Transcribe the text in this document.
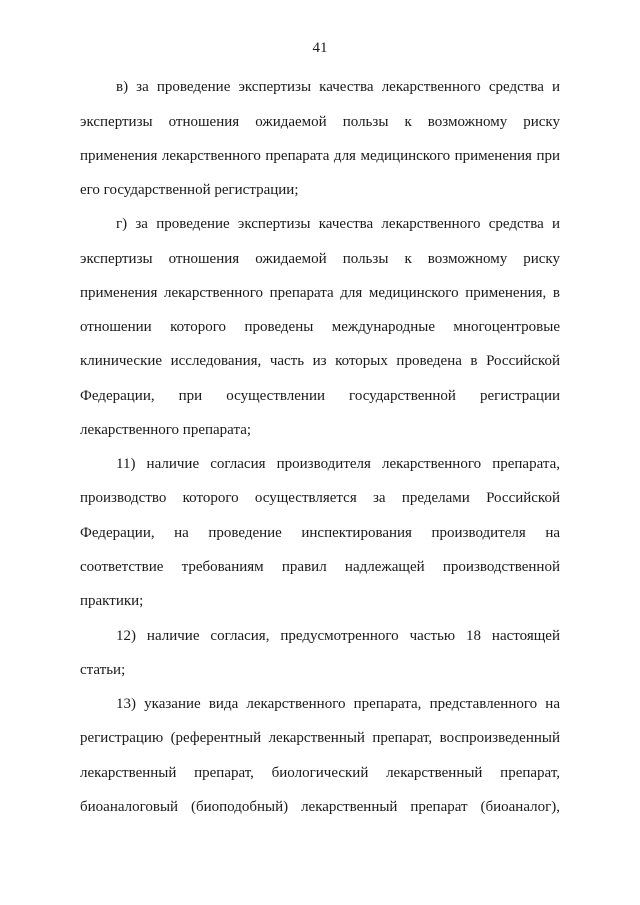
41
в) за проведение экспертизы качества лекарственного средства и
экспертизы отношения ожидаемой пользы к возможному риску
применения лекарственного препарата для медицинского применения при
его государственной регистрации;
г) за проведение экспертизы качества лекарственного средства и
экспертизы отношения ожидаемой пользы к возможному риску
применения лекарственного препарата для медицинского применения, в
отношении которого проведены международные многоцентровые
клинические исследования, часть из которых проведена в Российской
Федерации, при осуществлении государственной регистрации
лекарственного препарата;
11) наличие согласия производителя лекарственного препарата,
производство которого осуществляется за пределами Российской
Федерации, на проведение инспектирования производителя на
соответствие требованиям правил надлежащей производственной
практики;
12) наличие согласия, предусмотренного частью 18 настоящей
статьи;
13) указание вида лекарственного препарата, представленного на
регистрацию (референтный лекарственный препарат, воспроизведенный
лекарственный препарат, биологический лекарственный препарат,
биоаналоговый (биоподобный) лекарственный препарат (биоаналог),
